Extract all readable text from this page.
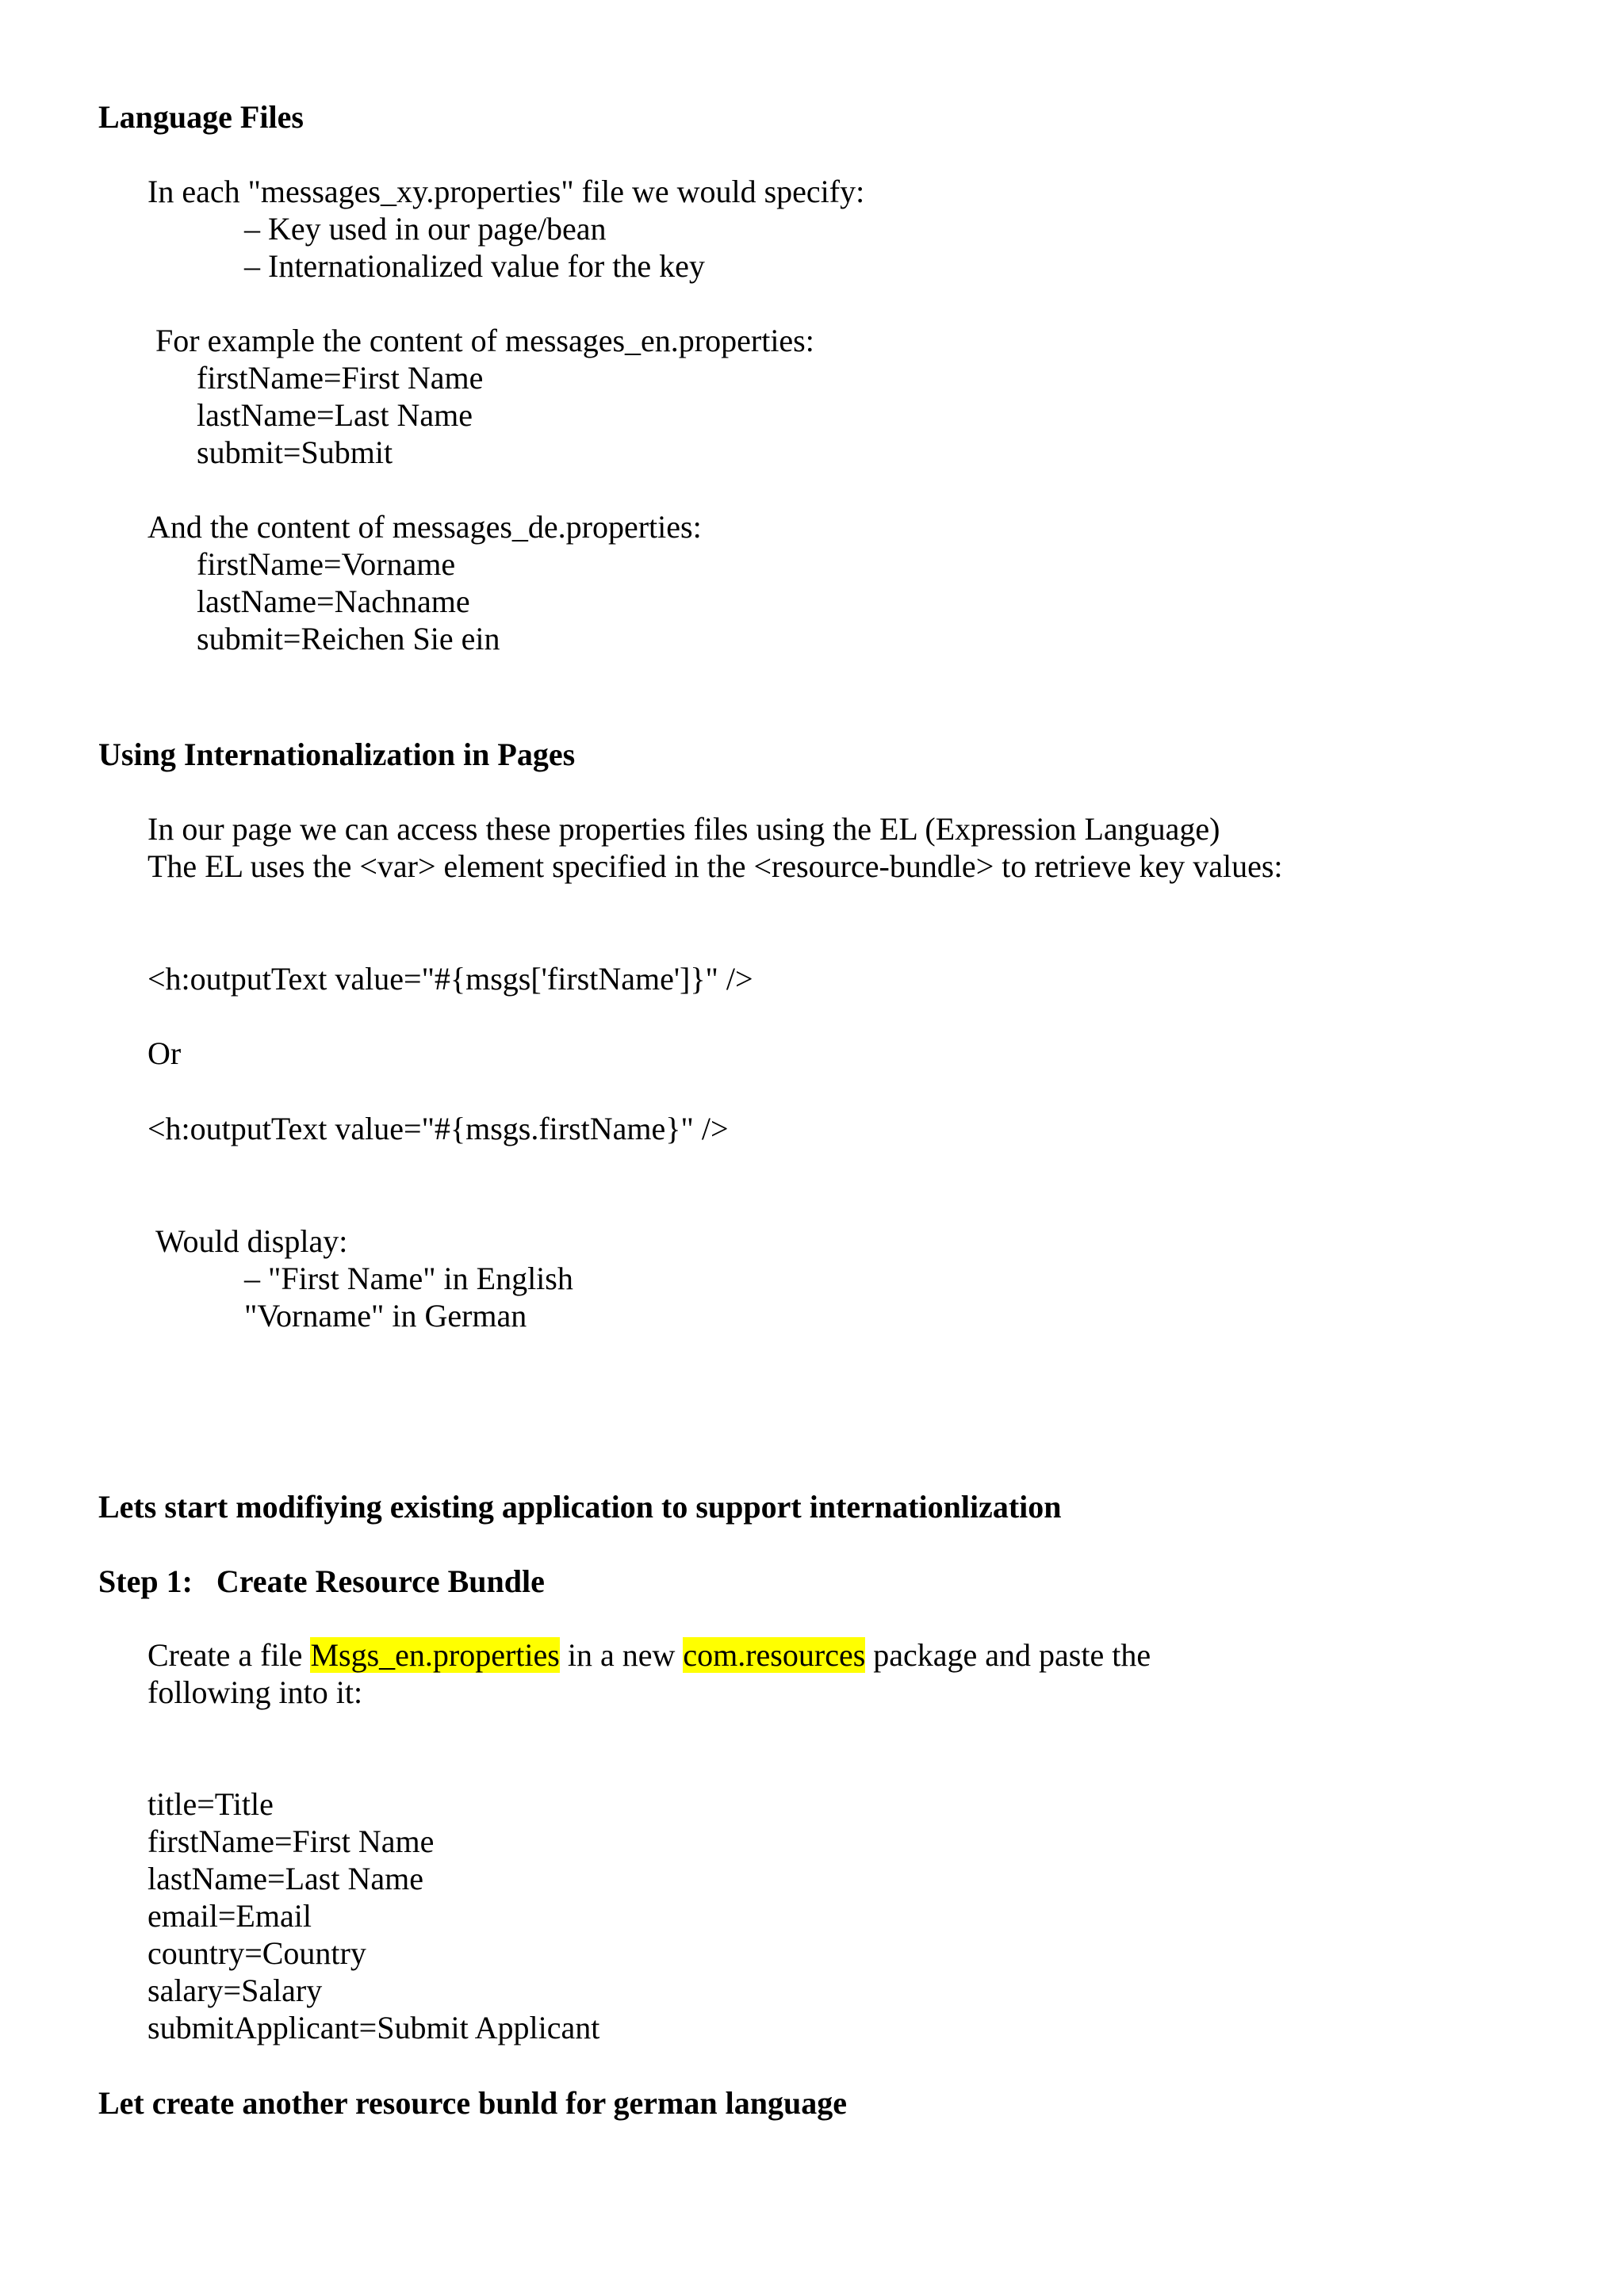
Language Files

In each "messages_xy.properties" file we would specify:

– Key used in our page/bean

– Internationalized value for the key

For example the content of messages_en.properties:

firstName=First Name

lastName=Last Name

submit=Submit

And the content of messages_de.properties:

firstName=Vorname

lastName=Nachname

submit=Reichen Sie ein

Using Internationalization in Pages

In our page we can access these properties files using the EL (Expression Language)

The EL uses the <var> element specified in the <resource-bundle> to retrieve key values:

<h:outputText value="#{msgs['firstName']}" />

Or

<h:outputText value="#{msgs.firstName}" />

Would display:

– "First Name" in English

"Vorname" in German

Lets start modifiying existing application to support internationlization

Step 1: Create Resource Bundle

Create a file Msgs_en.properties in a new com.resources package and paste the

following into it:

title=Title

firstName=First Name

lastName=Last Name

email=Email

country=Country

salary=Salary

submitApplicant=Submit Applicant

Let create another resource bunld for german language
